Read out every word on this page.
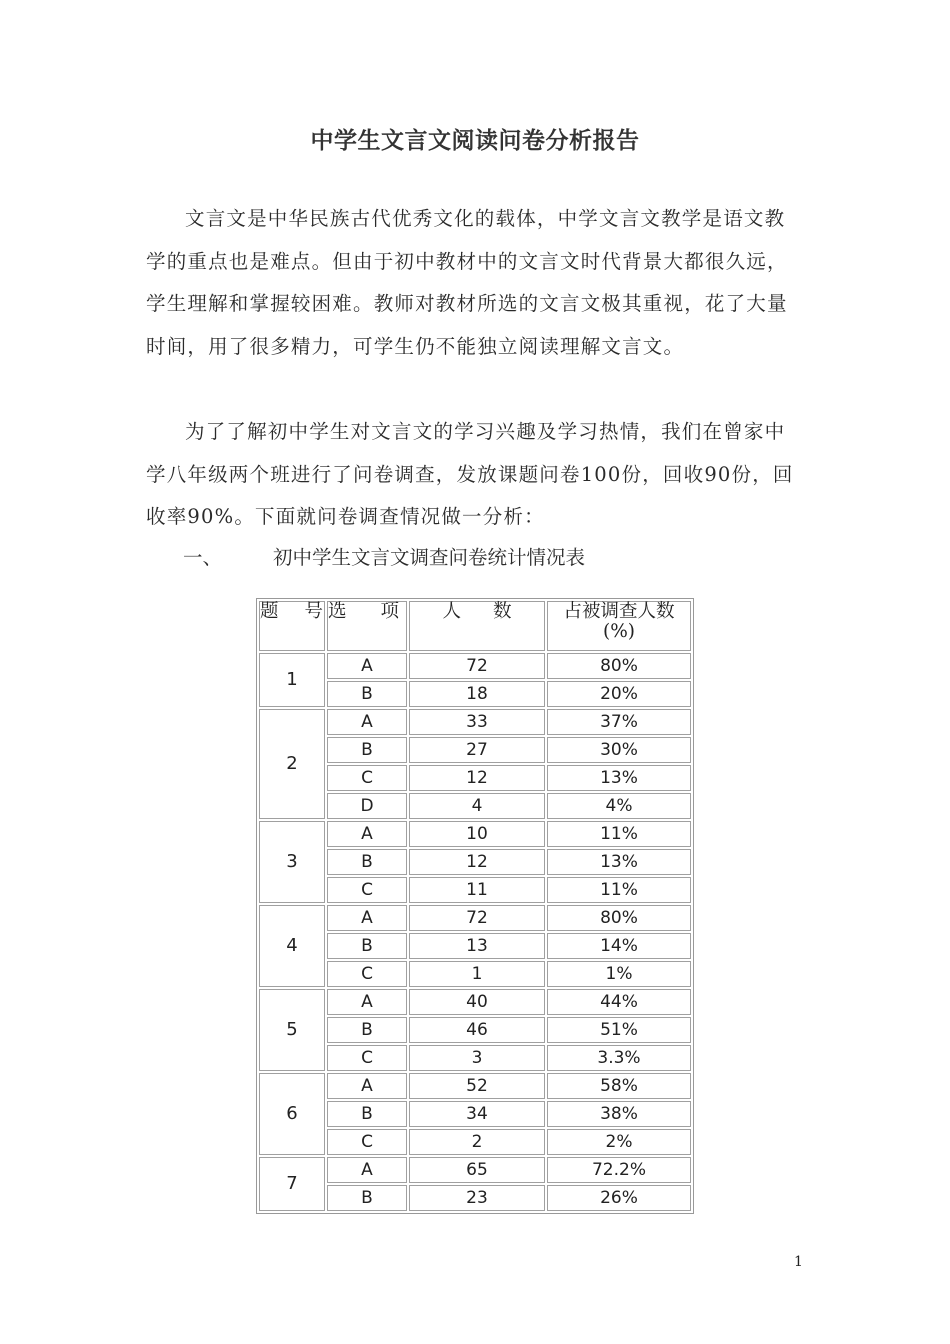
中学生文言文阅读问卷分析报告

文言文是中华民族古代优秀文化的载体，中学文言文教学是语文教学的重点也是难点。但由于初中教材中的文言文时代背景大都很久远，学生理解和掌握较困难。教师对教材所选的文言文极其重视，花了大量时间，用了很多精力，可学生仍不能独立阅读理解文言文。

为了了解初中学生对文言文的学习兴趣及学习热情，我们在曾家中学八年级两个班进行了问卷调查，发放课题问卷100份，回收90份，回收率90%。下面就问卷调查情况做一分析：

一、	初中学生文言文调查问卷统计情况表
题 号	选 项	人 数	占被调查人数
(%)
1	A	72	80%
	B	18	20%
2	A	33	37%
	B	27	30%
	C	12	13%
	D	4	4%
3	A	10	11%
	B	12	13%
	C	11	11%
4	A	72	80%
	B	13	14%
	C	1	1%
5	A	40	44%
	B	46	51%
	C	3	3.3%
6	A	52	58%
	B	34	38%
	C	2	2%
7	A	65	72.2%
	B	23	26%
1
